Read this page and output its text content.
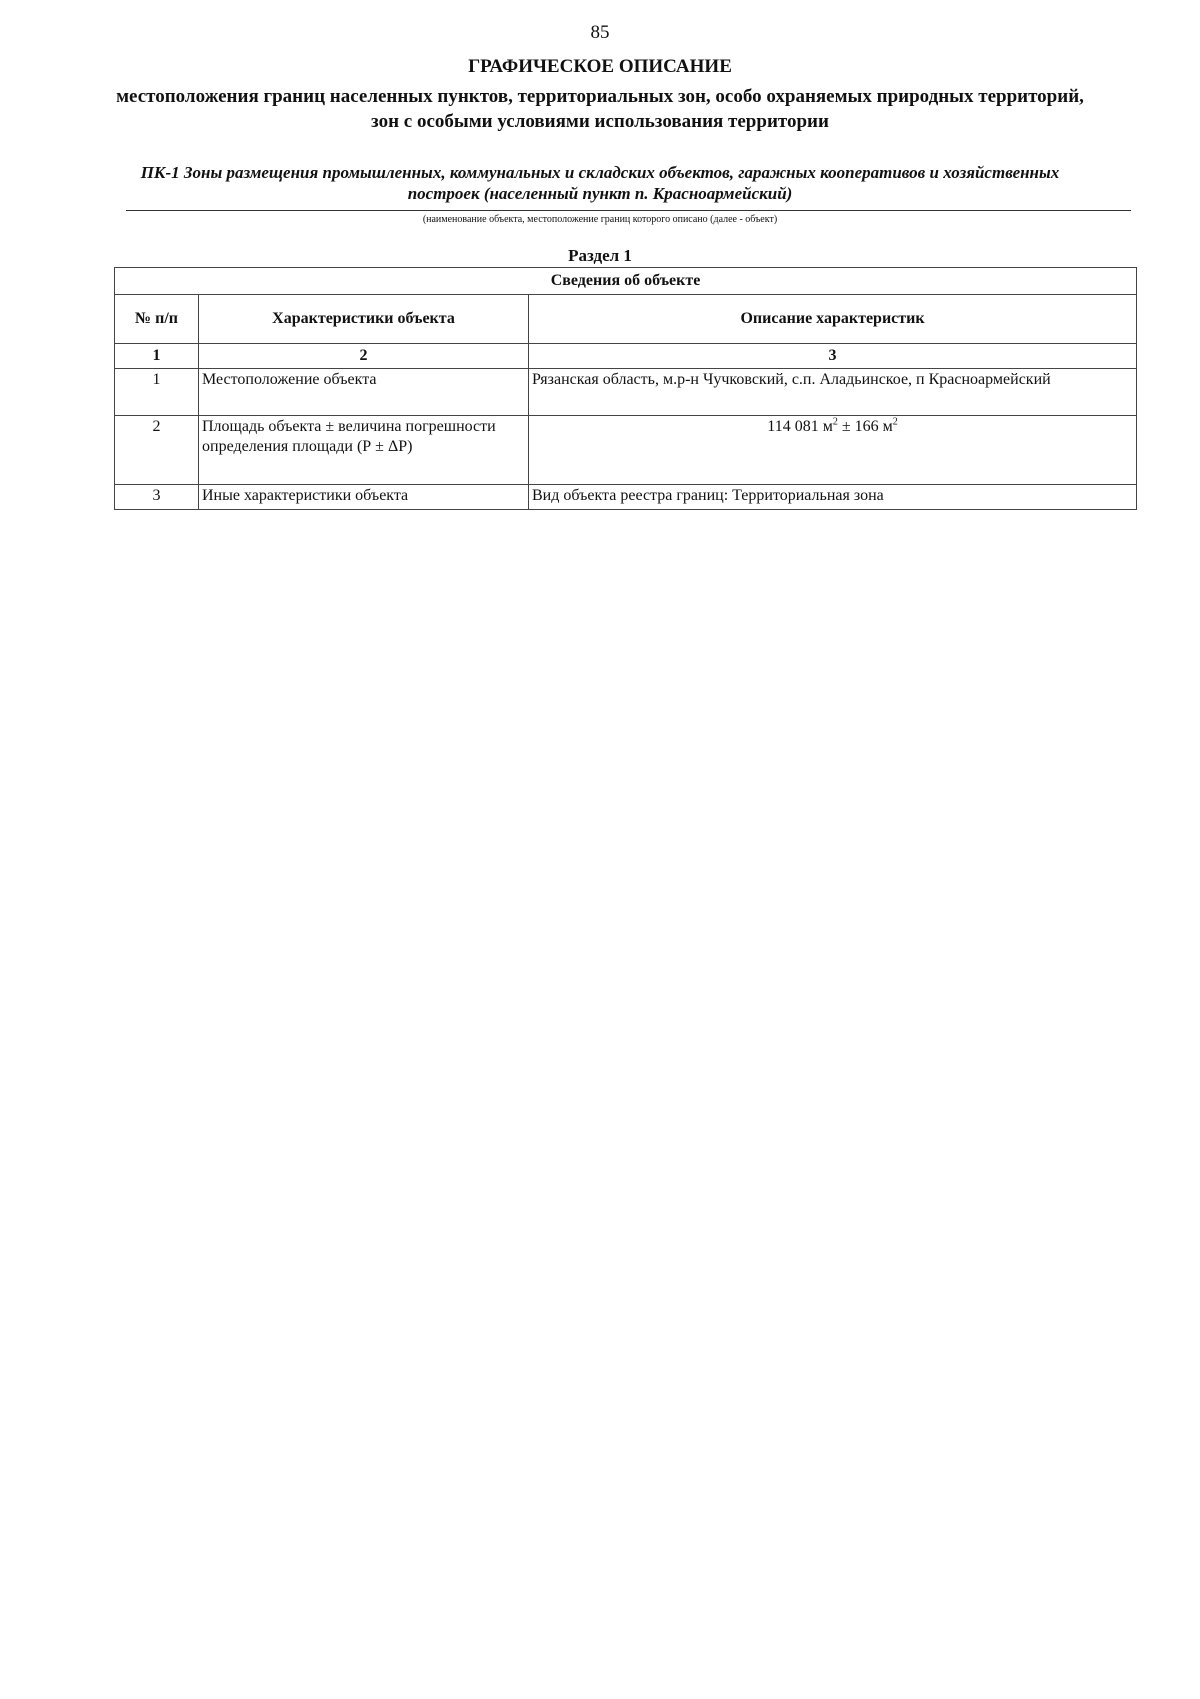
85
ГРАФИЧЕСКОЕ ОПИСАНИЕ
местоположения границ населенных пунктов, территориальных зон, особо охраняемых природных территорий, зон с особыми условиями использования территории
ПК-1 Зоны размещения промышленных, коммунальных и складских объектов, гаражных кооперативов и хозяйственных построек (населенный пункт п. Красноармейский)
(наименование объекта, местоположение границ которого описано (далее - объект)
Раздел 1
Сведения об объекте		
№ п/п	Характеристики объекта	Описание характеристик
1	2	3
1	Местоположение объекта	Рязанская область, м.р-н Чучковский, с.п. Аладьинское, п Красноармейский
2	Площадь объекта ± величина погрешности определения площади (Р ± ΔР)	114 081 $м^2 \pm 166$ $м^2$
3	Иные характеристики объекта	Вид объекта реестра границ: Территориальная зона
